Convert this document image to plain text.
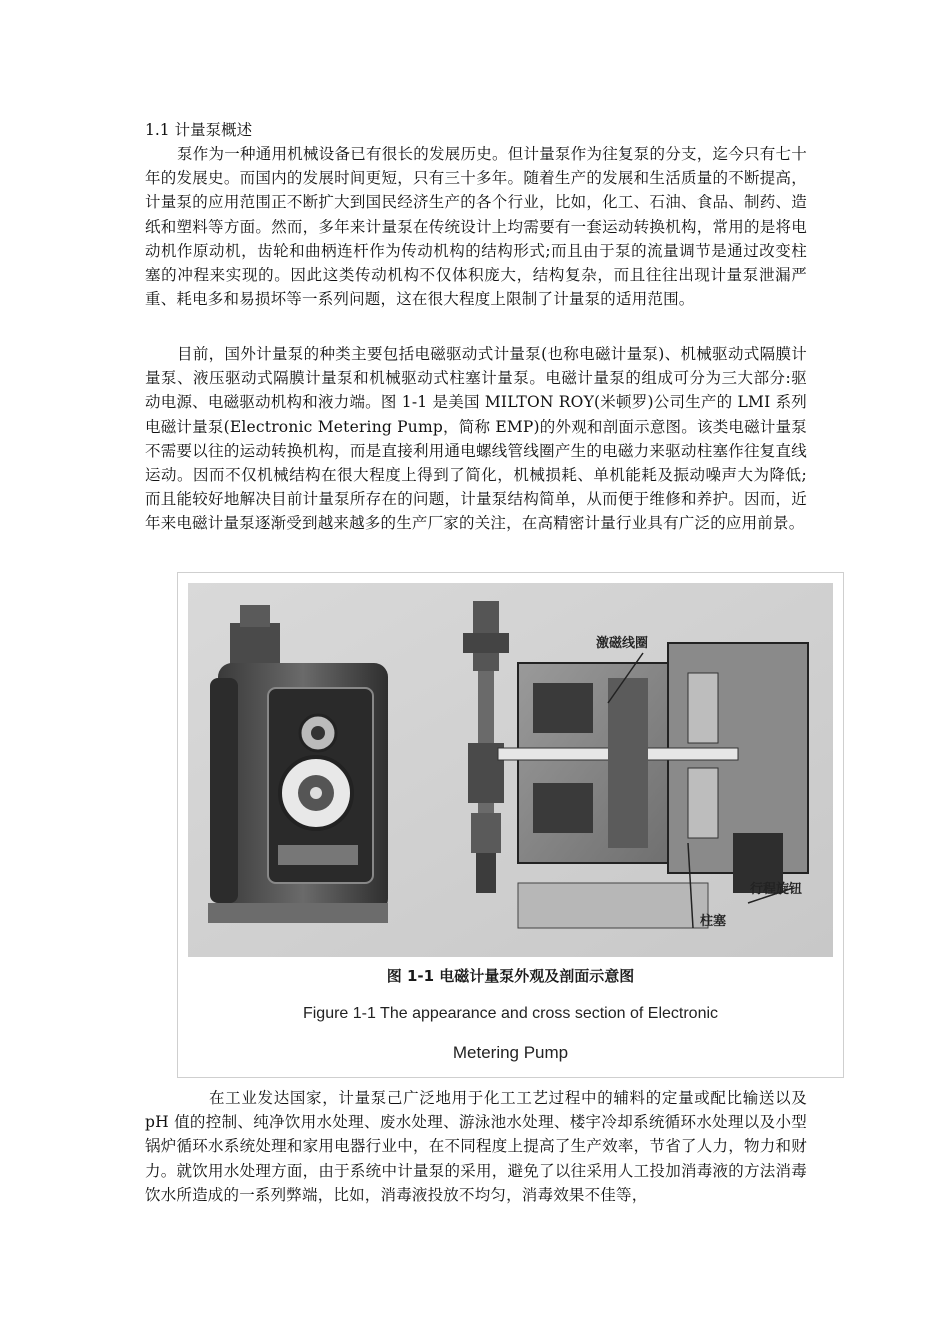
1.1 计量泵概述

泵作为一种通用机械设备已有很长的发展历史。但计量泵作为往复泵的分支，迄今只有七十年的发展史。而国内的发展时间更短，只有三十多年。随着生产的发展和生活质量的不断提高，计量泵的应用范围正不断扩大到国民经济生产的各个行业，比如，化工、石油、食品、制药、造纸和塑料等方面。然而，多年来计量泵在传统设计上均需要有一套运动转换机构，常用的是将电动机作原动机，齿轮和曲柄连杆作为传动机构的结构形式;而且由于泵的流量调节是通过改变柱塞的冲程来实现的。因此这类传动机构不仅体积庞大，结构复杂，而且往往出现计量泵泄漏严重、耗电多和易损坏等一系列问题，这在很大程度上限制了计量泵的适用范围。

目前，国外计量泵的种类主要包括电磁驱动式计量泵(也称电磁计量泵)、机械驱动式隔膜计量泵、液压驱动式隔膜计量泵和机械驱动式柱塞计量泵。电磁计量泵的组成可分为三大部分:驱动电源、电磁驱动机构和液力端。图 1-1 是美国 MILTON ROY(米顿罗)公司生产的 LMI 系列电磁计量泵(Electronic Metering Pump，简称 EMP)的外观和剖面示意图。该类电磁计量泵不需要以往的运动转换机构，而是直接利用通电螺线管线圈产生的电磁力来驱动柱塞作往复直线运动。因而不仅机械结构在很大程度上得到了简化，机械损耗、单机能耗及振动噪声大为降低;而且能较好地解决目前计量泵所存在的问题，计量泵结构简单，从而便于维修和养护。因而，近年来电磁计量泵逐渐受到越来越多的生产厂家的关注，在高精密计量行业具有广泛的应用前景。

激磁线圈
行程旋钮
柱塞
图 1-1 电磁计量泵外观及剖面示意图
Figure 1-1 The appearance and cross section of Electronic
Metering Pump

在工业发达国家，计量泵己广泛地用于化工工艺过程中的辅料的定量或配比输送以及 pH 值的控制、纯净饮用水处理、废水处理、游泳池水处理、楼宇冷却系统循环水处理以及小型锅炉循环水系统处理和家用电器行业中，在不同程度上提高了生产效率，节省了人力，物力和财力。就饮用水处理方面，由于系统中计量泵的采用，避免了以往采用人工投加消毒液的方法消毒饮水所造成的一系列弊端，比如，消毒液投放不均匀，消毒效果不佳等，
